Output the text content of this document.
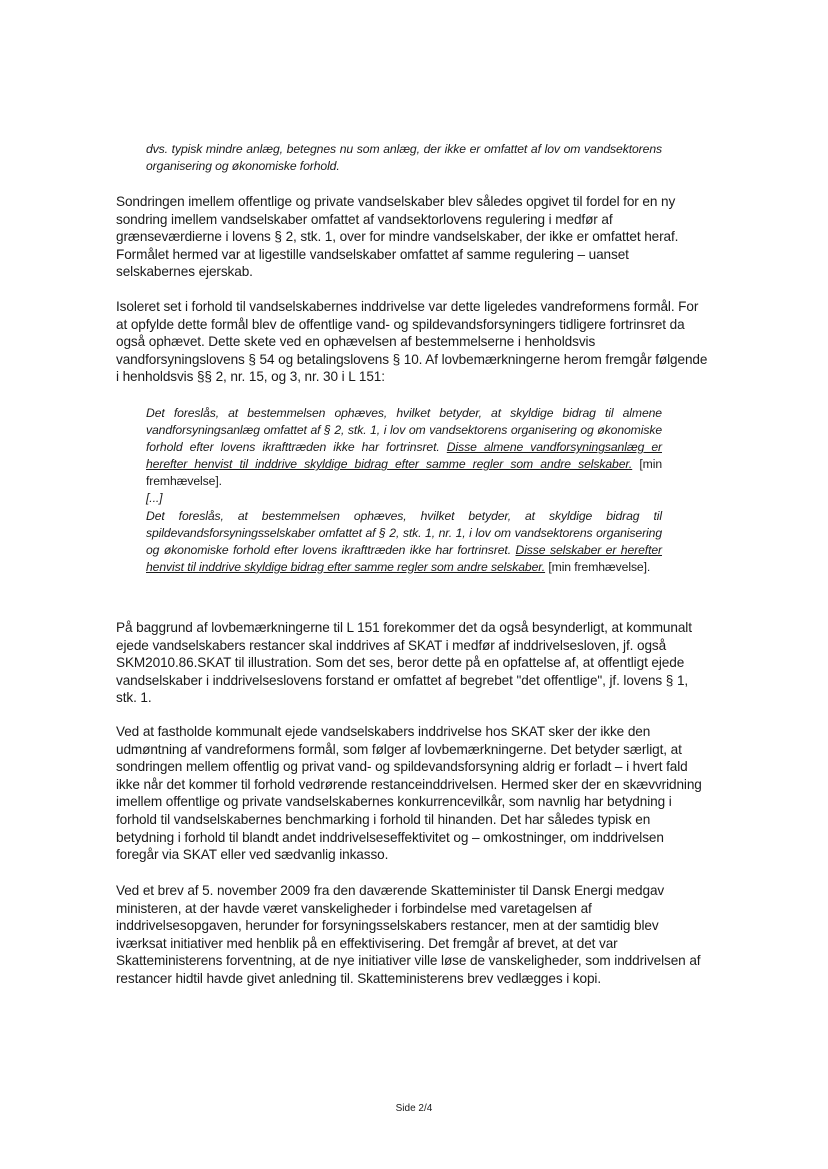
dvs. typisk mindre anlæg, betegnes nu som anlæg, der ikke er omfattet af lov om vandsektorens organisering og økonomiske forhold.

Sondringen imellem offentlige og private vandselskaber blev således opgivet til fordel for en ny sondring imellem vandselskaber omfattet af vandsektorlovens regulering i medfør af grænseværdierne i lovens § 2, stk. 1, over for mindre vandselskaber, der ikke er omfattet heraf. Formålet hermed var at ligestille vandselskaber omfattet af samme regulering – uanset selskabernes ejerskab.

Isoleret set i forhold til vandselskabernes inddrivelse var dette ligeledes vandreformens formål. For at opfylde dette formål blev de offentlige vand- og spildevandsforsyningers tidligere fortrinsret da også ophævet. Dette skete ved en ophævelsen af bestemmelserne i henholdsvis vandforsyningslovens § 54 og betalingslovens § 10. Af lovbemærkningerne herom fremgår følgende i henholdsvis §§ 2, nr. 15, og 3, nr. 30 i L 151:

Det foreslås, at bestemmelsen ophæves, hvilket betyder, at skyldige bidrag til almene vandforsyningsanlæg omfattet af § 2, stk. 1, i lov om vandsektorens organisering og økonomiske forhold efter lovens ikrafttræden ikke har fortrinsret. Disse almene vandforsyningsanlæg er herefter henvist til inddrive skyldige bidrag efter samme regler som andre selskaber. [min fremhævelse].
[...]
Det foreslås, at bestemmelsen ophæves, hvilket betyder, at skyldige bidrag til spildevandsforsyningsselskaber omfattet af § 2, stk. 1, nr. 1, i lov om vandsektorens organisering og økonomiske forhold efter lovens ikrafttræden ikke har fortrinsret. Disse selskaber er herefter henvist til inddrive skyldige bidrag efter samme regler som andre selskaber. [min fremhævelse].

På baggrund af lovbemærkningerne til L 151 forekommer det da også besynderligt, at kommunalt ejede vandselskabers restancer skal inddrives af SKAT i medfør af inddrivelsesloven, jf. også SKM2010.86.SKAT til illustration. Som det ses, beror dette på en opfattelse af, at offentligt ejede vandselskaber i inddrivelseslovens forstand er omfattet af begrebet "det offentlige", jf. lovens § 1, stk. 1.

Ved at fastholde kommunalt ejede vandselskabers inddrivelse hos SKAT sker der ikke den udmøntning af vandreformens formål, som følger af lovbemærkningerne. Det betyder særligt, at sondringen mellem offentlig og privat vand- og spildevandsforsyning aldrig er forladt – i hvert fald ikke når det kommer til forhold vedrørende restanceinddrivelsen. Hermed sker der en skævvridning imellem offentlige og private vandselskabernes konkurrencevilkår, som navnlig har betydning i forhold til vandselskabernes benchmarking i forhold til hinanden. Det har således typisk en betydning i forhold til blandt andet inddrivelseseffektivitet og – omkostninger, om inddrivelsen foregår via SKAT eller ved sædvanlig inkasso.

Ved et brev af 5. november 2009 fra den daværende Skatteminister til Dansk Energi medgav ministeren, at der havde været vanskeligheder i forbindelse med varetagelsen af inddrivelsesopgaven, herunder for forsyningsselskabers restancer, men at der samtidig blev iværksat initiativer med henblik på en effektivisering. Det fremgår af brevet, at det var Skatteministerens forventning, at de nye initiativer ville løse de vanskeligheder, som inddrivelsen af restancer hidtil havde givet anledning til. Skatteministerens brev vedlægges i kopi.

Side 2/4
